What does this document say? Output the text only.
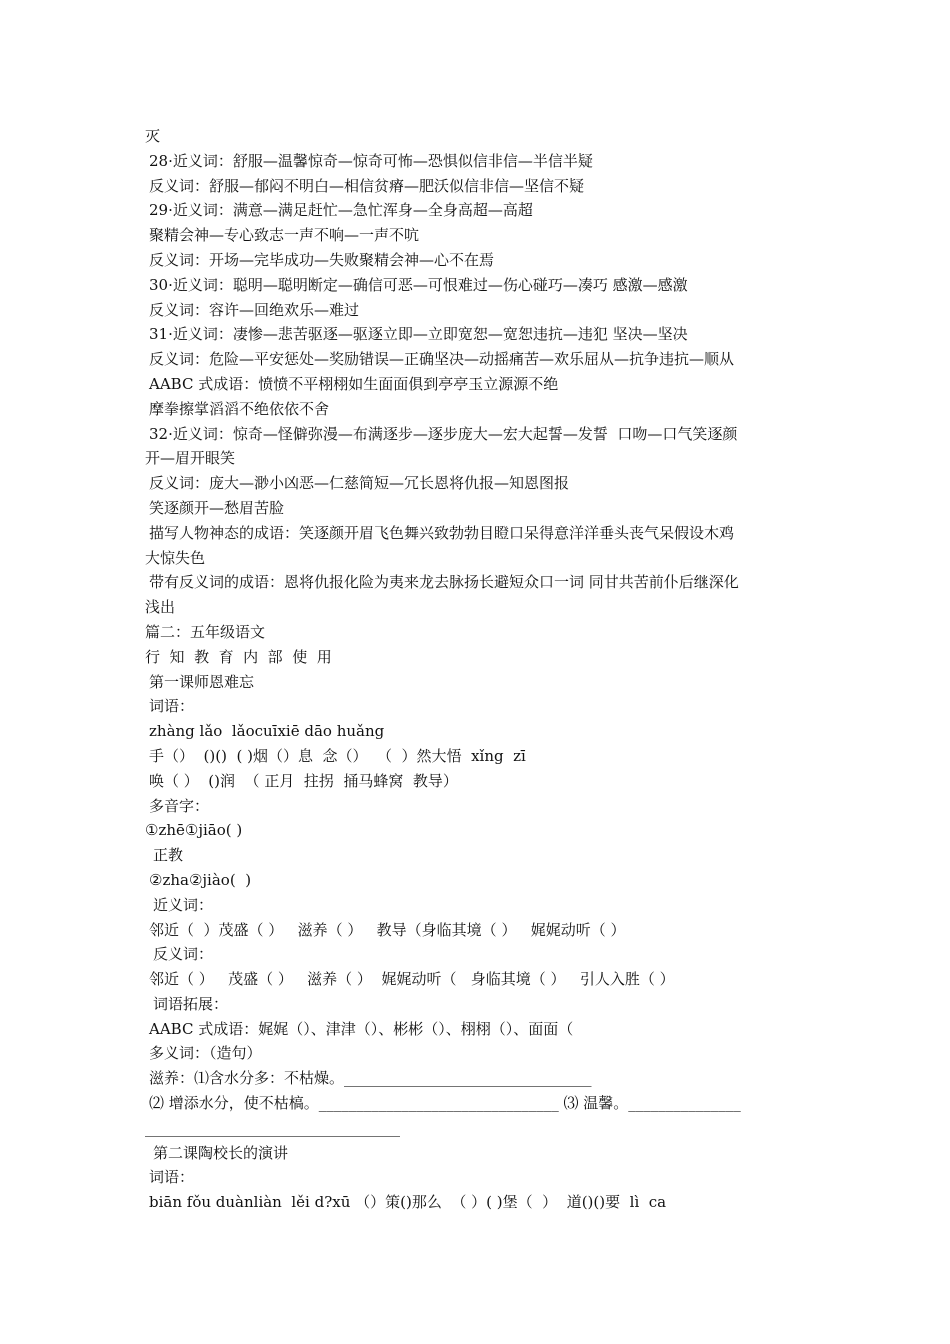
灭
28·近义词：舒服—温馨惊奇—惊奇可怖—恐惧似信非信—半信半疑
反义词：舒服—郁闷不明白—相信贫瘠—肥沃似信非信—坚信不疑
29·近义词：满意—满足赶忙—急忙浑身—全身高超—高超
聚精会神—专心致志一声不响—一声不吭
反义词：开场—完毕成功—失败聚精会神—心不在焉
30·近义词：聪明—聪明断定—确信可恶—可恨难过—伤心碰巧—凑巧 感激—感激
反义词：容许—回绝欢乐—难过
31·近义词：凄惨—悲苦驱逐—驱逐立即—立即宽恕—宽恕违抗—违犯 坚决—坚决
反义词：危险—平安惩处—奖励错误—正确坚决—动摇痛苦—欢乐屈从—抗争违抗—顺从
AABC 式成语：愤愤不平栩栩如生面面俱到亭亭玉立源源不绝
摩拳擦掌滔滔不绝依依不舍
32·近义词：惊奇—怪僻弥漫—布满逐步—逐步庞大—宏大起誓—发誓  口吻—口气笑逐颜
开—眉开眼笑
反义词：庞大—渺小凶恶—仁慈简短—冗长恩将仇报—知恩图报
笑逐颜开—愁眉苦脸
描写人物神态的成语：笑逐颜开眉飞色舞兴致勃勃目瞪口呆得意洋洋垂头丧气呆假设木鸡
大惊失色
带有反义词的成语：恩将仇报化险为夷来龙去脉扬长避短众口一词 同甘共苦前仆后继深化
浅出
篇二：五年级语文
行  知  教  育  内  部  使  用
第一课师恩难忘
词语：
zhàng lǎo  lǎocuīxiē dāo huǎng
手（）  ()()  ( )烟（）息  念（）  （  ）然大悟  xǐng  zī
唤（ ）  ()润  （ 正月  拄拐  捅马蜂窝  教导）
多音字：
①zhē①jiāo( )
正教
②zha②jiào(  )
近义词：
邻近（  ）茂盛（ ）   滋养（ ）   教导（身临其境（ ）   娓娓动听（ ）
反义词：
邻近（ ）   茂盛（ ）   滋养（ ）  娓娓动听（   身临其境（ ）   引人入胜（ ）
词语拓展：
AABC 式成语：娓娓（）、津津（）、彬彬（）、栩栩（）、面面（
多义词：（造句）
滋养：⑴含水分多：不枯燥。_________________________________
⑵ 增添水分，使不枯槁。________________________________ ⑶ 温馨。_______________
__________________________________
第二课陶校长的演讲
词语：
biān fǒu duànliàn  lěi d?xū （）策()那么  （ ）( )堡（  ）  道()()要  lì  ca
